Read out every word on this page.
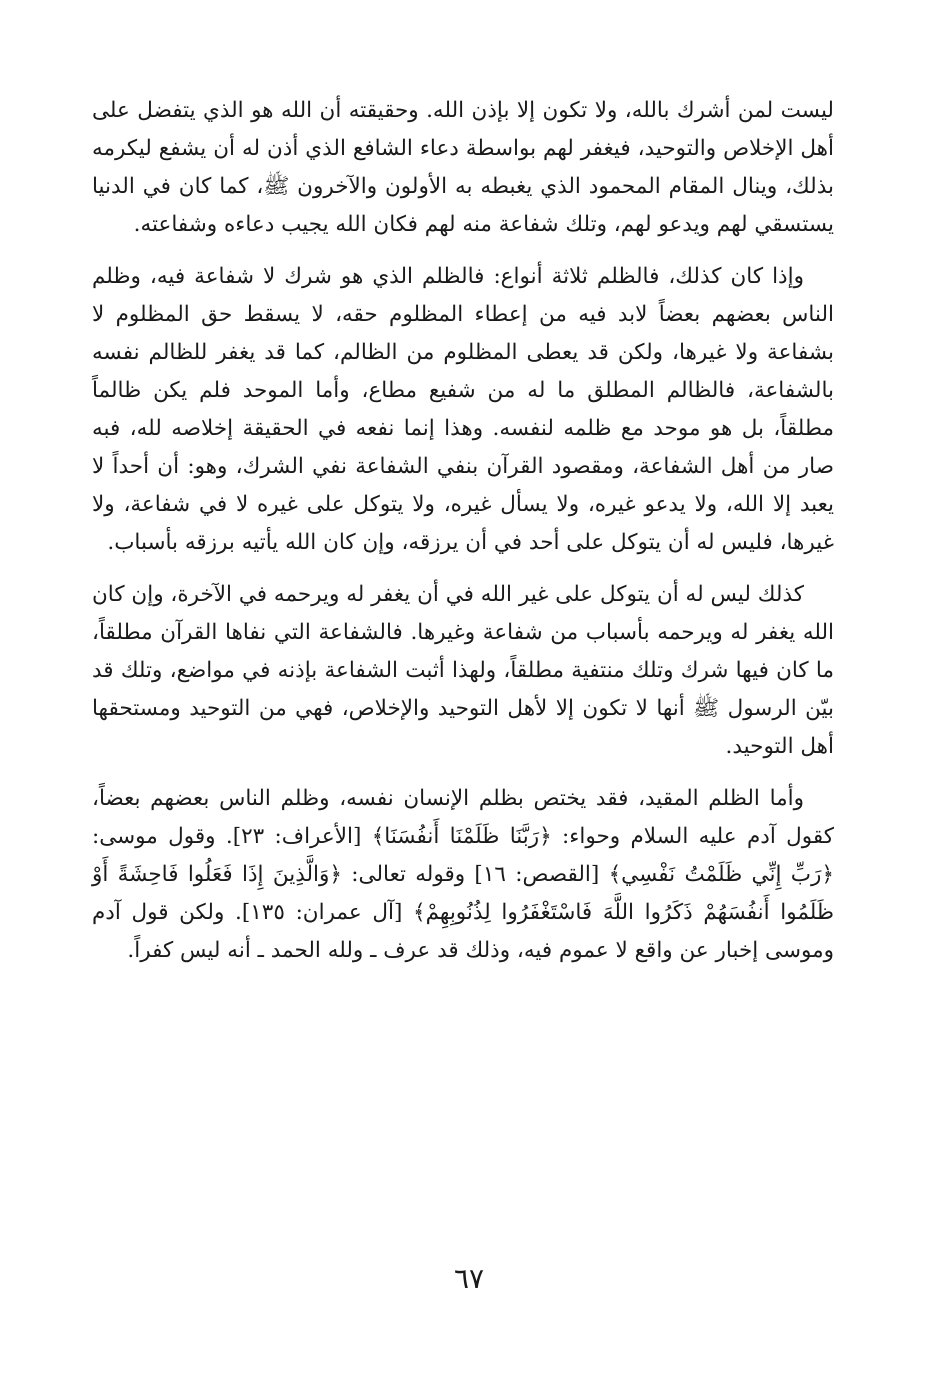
ليست لمن أشرك بالله، ولا تكون إلا بإذن الله. وحقيقته أن الله هو الذي يتفضل على أهل الإخلاص والتوحيد، فيغفر لهم بواسطة دعاء الشافع الذي أذن له أن يشفع ليكرمه بذلك، وينال المقام المحمود الذي يغبطه به الأولون والآخرون ﷺ، كما كان في الدنيا يستسقي لهم ويدعو لهم، وتلك شفاعة منه لهم فكان الله يجيب دعاءه وشفاعته.

وإذا كان كذلك، فالظلم ثلاثة أنواع: فالظلم الذي هو شرك لا شفاعة فيه، وظلم الناس بعضهم بعضاً لابد فيه من إعطاء المظلوم حقه، لا يسقط حق المظلوم لا بشفاعة ولا غيرها، ولكن قد يعطى المظلوم من الظالم، كما قد يغفر للظالم نفسه بالشفاعة، فالظالم المطلق ما له من شفيع مطاع، وأما الموحد فلم يكن ظالماً مطلقاً، بل هو موحد مع ظلمه لنفسه. وهذا إنما نفعه في الحقيقة إخلاصه لله، فبه صار من أهل الشفاعة، ومقصود القرآن بنفي الشفاعة نفي الشرك، وهو: أن أحداً لا يعبد إلا الله، ولا يدعو غيره، ولا يسأل غيره، ولا يتوكل على غيره لا في شفاعة، ولا غيرها، فليس له أن يتوكل على أحد في أن يرزقه، وإن كان الله يأتيه برزقه بأسباب.

كذلك ليس له أن يتوكل على غير الله في أن يغفر له ويرحمه في الآخرة، وإن كان الله يغفر له ويرحمه بأسباب من شفاعة وغيرها. فالشفاعة التي نفاها القرآن مطلقاً، ما كان فيها شرك وتلك منتفية مطلقاً، ولهذا أثبت الشفاعة بإذنه في مواضع، وتلك قد بيّن الرسول ﷺ أنها لا تكون إلا لأهل التوحيد والإخلاص، فهي من التوحيد ومستحقها أهل التوحيد.

وأما الظلم المقيد، فقد يختص بظلم الإنسان نفسه، وظلم الناس بعضهم بعضاً، كقول آدم عليه السلام وحواء: ﴿رَبَّنَا ظَلَمْنَا أَنفُسَنَا﴾ [الأعراف: ٢٣]. وقول موسى: ﴿رَبِّ إِنِّي ظَلَمْتُ نَفْسِي﴾ [القصص: ١٦] وقوله تعالى: ﴿وَالَّذِينَ إِذَا فَعَلُوا فَاحِشَةً أَوْ ظَلَمُوا أَنفُسَهُمْ ذَكَرُوا اللَّهَ فَاسْتَغْفَرُوا لِذُنُوبِهِمْ﴾ [آل عمران: ١٣٥]. ولكن قول آدم وموسى إخبار عن واقع لا عموم فيه، وذلك قد عرف ـ ولله الحمد ـ أنه ليس كفراً.

٦٧
